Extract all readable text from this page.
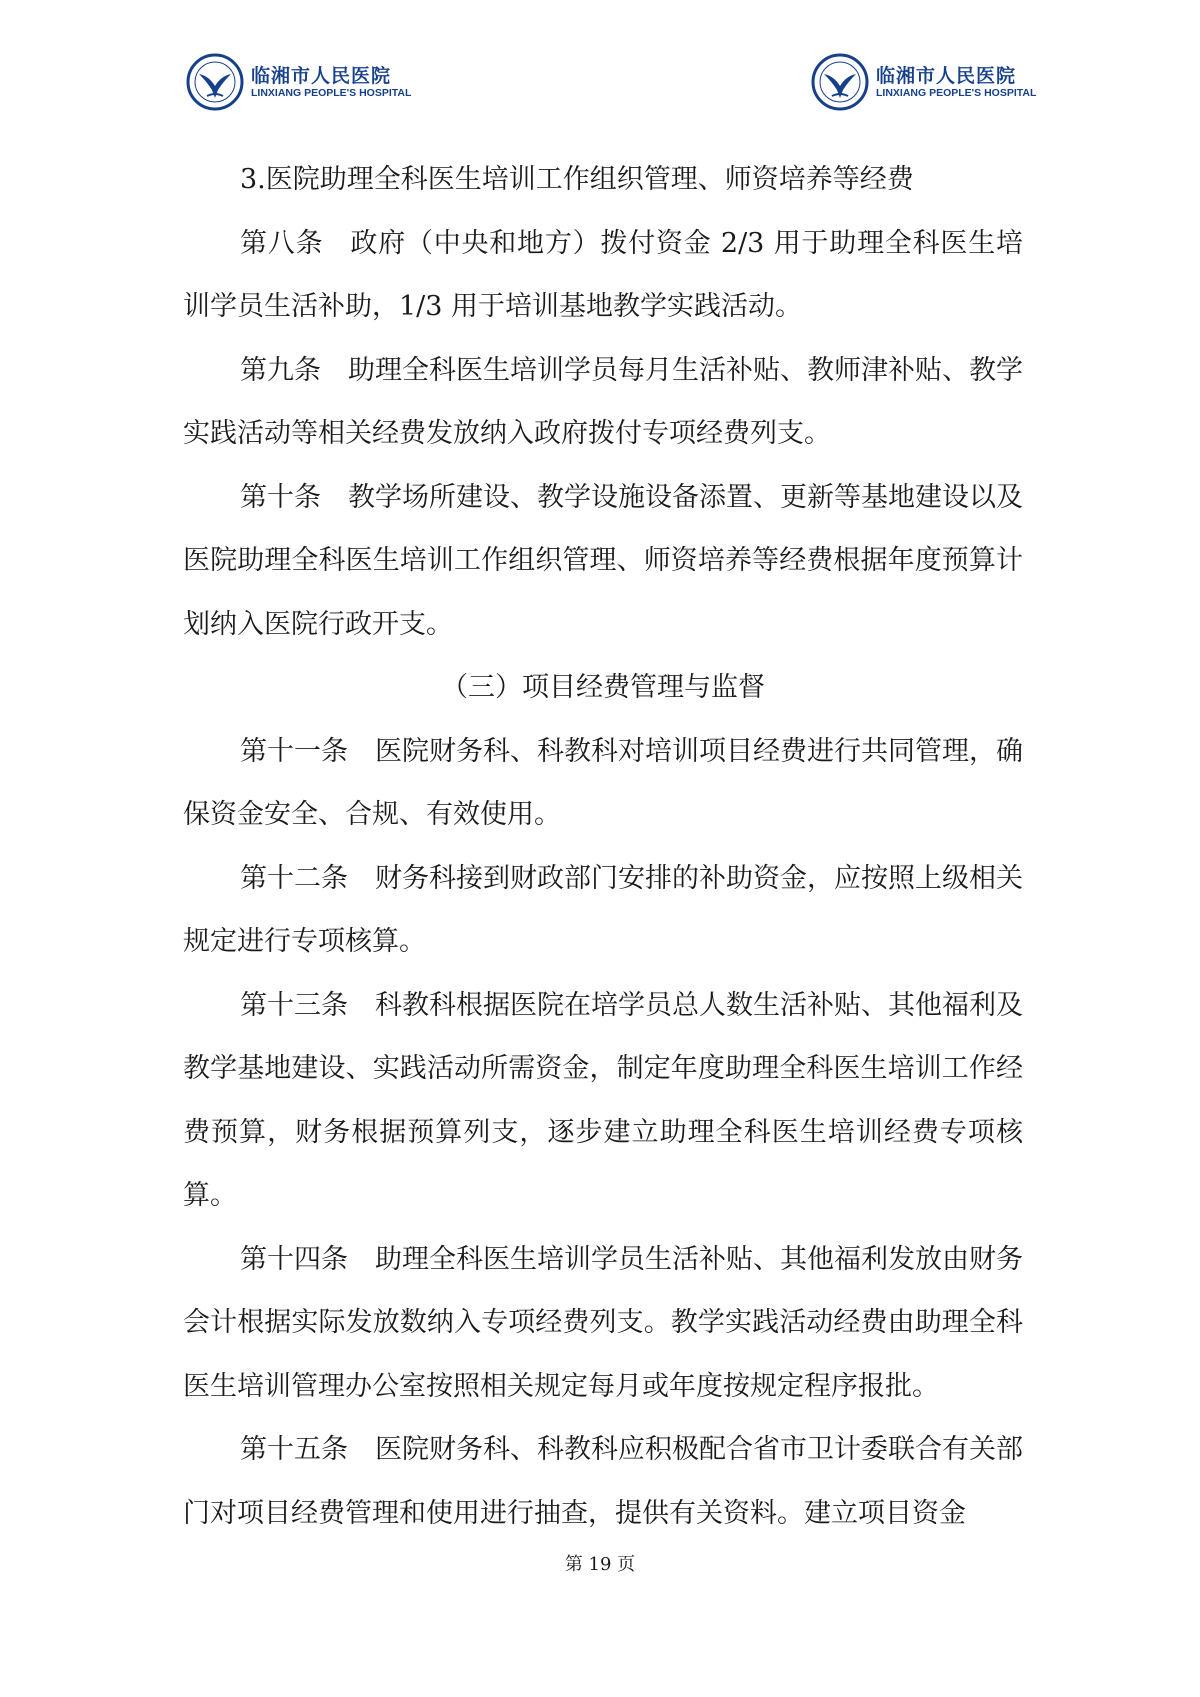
临湘市人民医院
LINXIANG PEOPLE'S HOSPITAL
临湘市人民医院
LINXIANG PEOPLE'S HOSPITAL

3.医院助理全科医生培训工作组织管理、师资培养等经费

第八条 政府（中央和地方）拨付资金 2/3 用于助理全科医生培训学员生活补助，1/3 用于培训基地教学实践活动。

第九条 助理全科医生培训学员每月生活补贴、教师津补贴、教学实践活动等相关经费发放纳入政府拨付专项经费列支。

第十条 教学场所建设、教学设施设备添置、更新等基地建设以及医院助理全科医生培训工作组织管理、师资培养等经费根据年度预算计划纳入医院行政开支。

（三）项目经费管理与监督

第十一条 医院财务科、科教科对培训项目经费进行共同管理，确保资金安全、合规、有效使用。

第十二条 财务科接到财政部门安排的补助资金，应按照上级相关规定进行专项核算。

第十三条 科教科根据医院在培学员总人数生活补贴、其他福利及教学基地建设、实践活动所需资金，制定年度助理全科医生培训工作经费预算，财务根据预算列支，逐步建立助理全科医生培训经费专项核算。

第十四条 助理全科医生培训学员生活补贴、其他福利发放由财务会计根据实际发放数纳入专项经费列支。教学实践活动经费由助理全科医生培训管理办公室按照相关规定每月或年度按规定程序报批。

第十五条 医院财务科、科教科应积极配合省市卫计委联合有关部门对项目经费管理和使用进行抽查，提供有关资料。建立项目资金

第 19 页
